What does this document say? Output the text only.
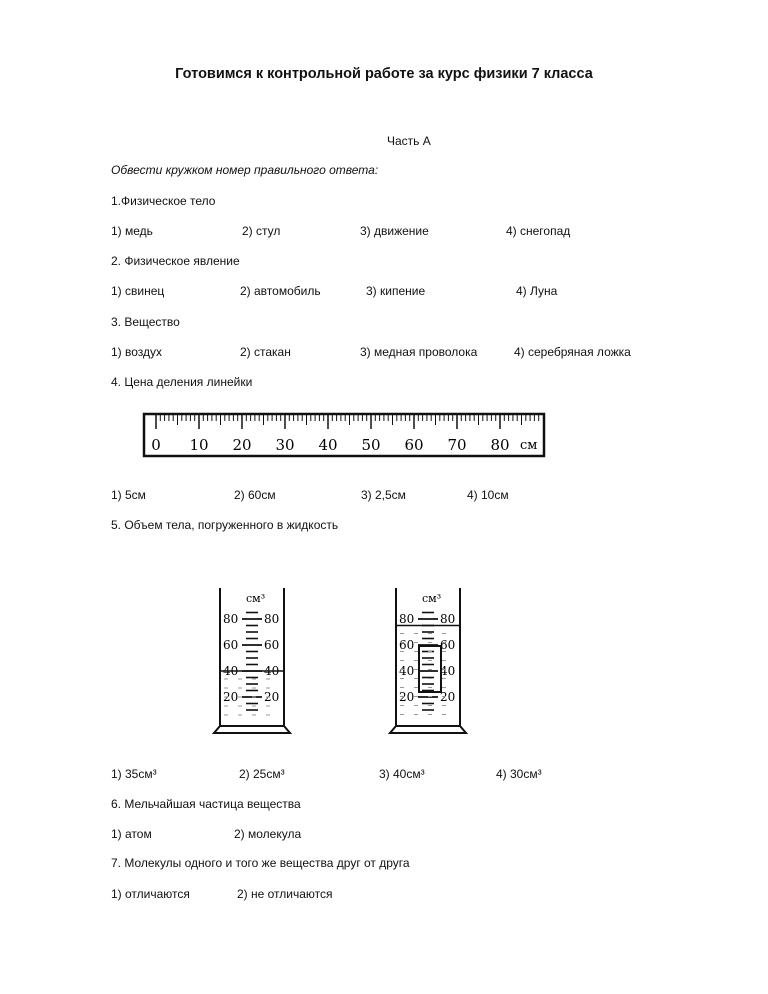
Готовимся к контрольной работе за курс физики 7 класса
Часть А
Обвести кружком номер правильного ответа:
1.Физическое тело
1) медь	2) стул	3) движение	4) снегопад
2. Физическое явление
1) свинец	2) автомобиль	3) кипение	4) Луна
3. Вещество
1) воздух	2) стакан	3) медная проволока	4) серебряная ложка
4. Цена деления линейки
0 10 20 30 40 50 60 70 80 см
1) 5см	2) 60см	3) 2,5см	4) 10см
5. Объем тела, погруженного в жидкость
см³
80 80
60 60
40 40
20 20
см³
80 80
60 60
40 40
20 20
1) 35см³	2) 25см³	3) 40см³	4) 30см³
6. Мельчайшая частица вещества
1) атом	2) молекула
7. Молекулы одного и того же вещества друг от друга
1) отличаются	2) не отличаются
